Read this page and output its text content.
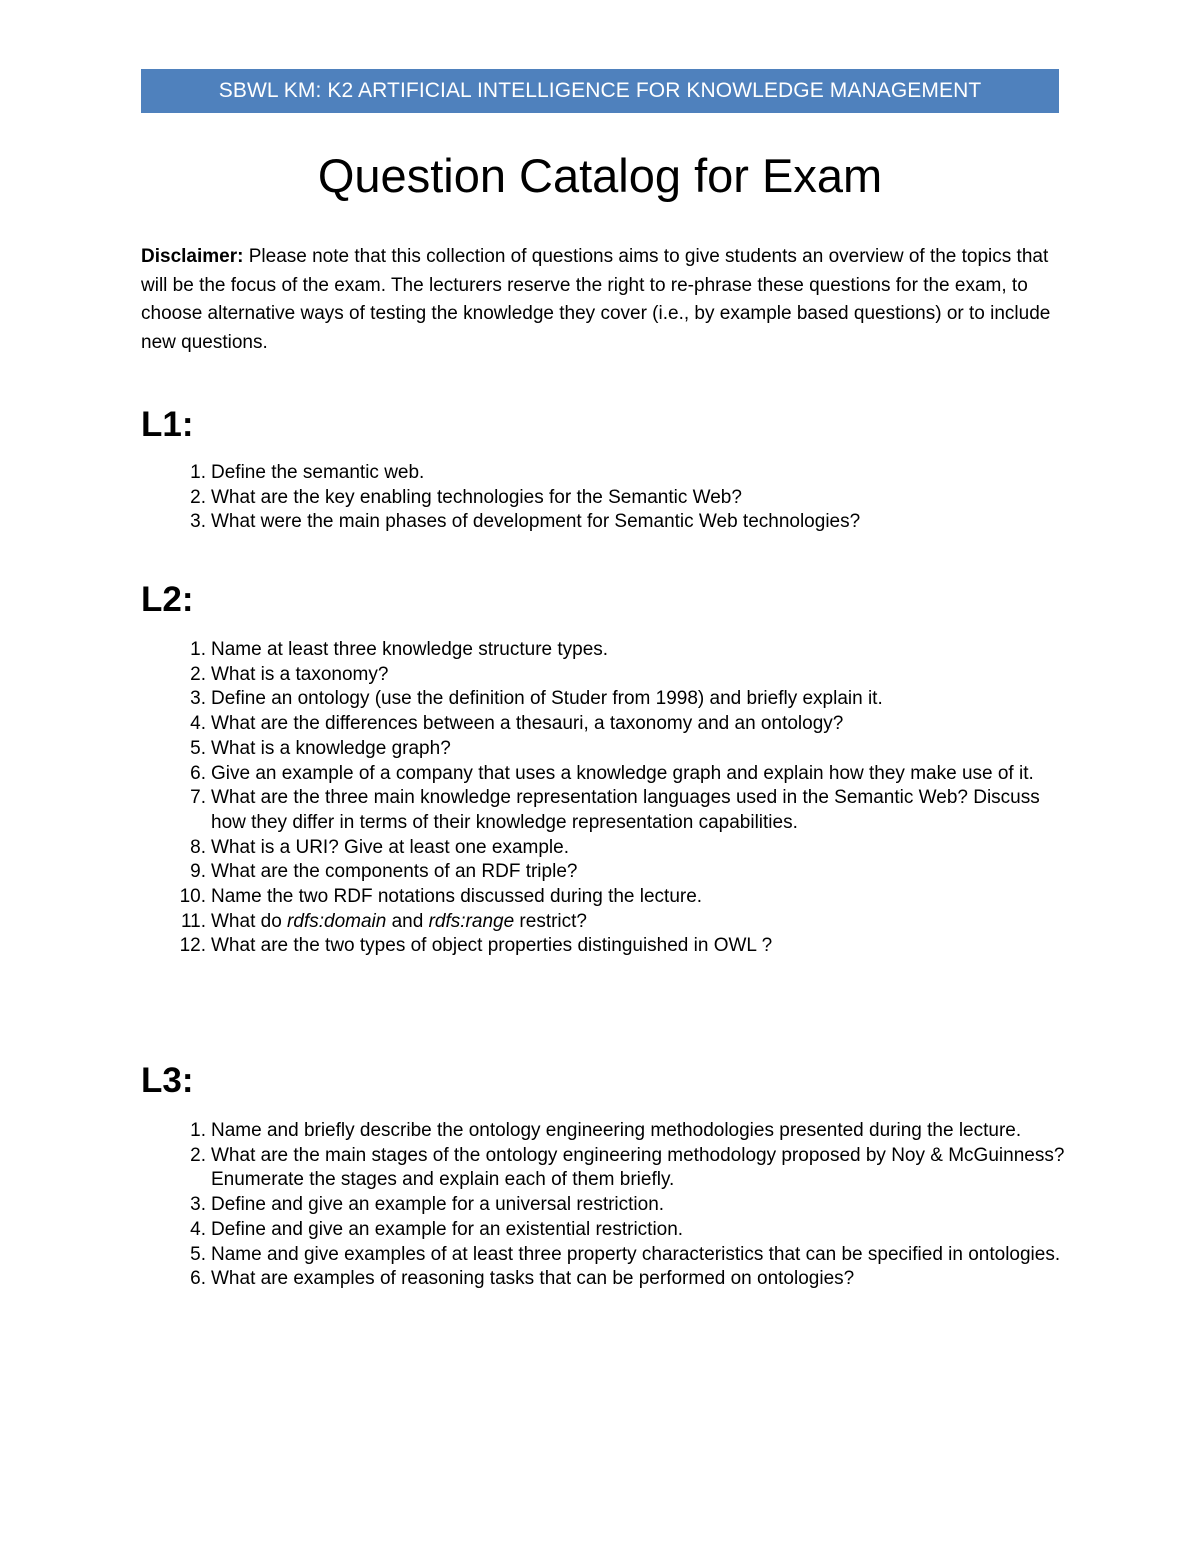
SBWL KM: K2 ARTIFICIAL INTELLIGENCE FOR KNOWLEDGE MANAGEMENT
Question Catalog for Exam
Disclaimer: Please note that this collection of questions aims to give students an overview of the topics that will be the focus of the exam. The lecturers reserve the right to re-phrase these questions for the exam, to choose alternative ways of testing the knowledge they cover (i.e., by example based questions) or to include new questions.
L1:
1. Define the semantic web.
2. What are the key enabling technologies for the Semantic Web?
3. What were the main phases of development for Semantic Web technologies?
L2:
1. Name at least three knowledge structure types.
2. What is a taxonomy?
3. Define an ontology (use the definition of Studer from 1998) and briefly explain it.
4. What are the differences between a thesauri, a taxonomy and an ontology?
5. What is a knowledge graph?
6. Give an example of a company that uses a knowledge graph and explain how they make use of it.
7. What are the three main knowledge representation languages used in the Semantic Web? Discuss how they differ in terms of their knowledge representation capabilities.
8. What is a URI? Give at least one example.
9. What are the components of an RDF triple?
10. Name the two RDF notations discussed during the lecture.
11. What do rdfs:domain and rdfs:range restrict?
12. What are the two types of object properties distinguished in OWL ?
L3:
1. Name and briefly describe the ontology engineering methodologies presented during the lecture.
2. What are the main stages of the ontology engineering methodology proposed by Noy & McGuinness? Enumerate the stages and explain each of them briefly.
3. Define and give an example for a universal restriction.
4. Define and give an example for an existential restriction.
5. Name and give examples of at least three property characteristics that can be specified in ontologies.
6. What are examples of reasoning tasks that can be performed on ontologies?
